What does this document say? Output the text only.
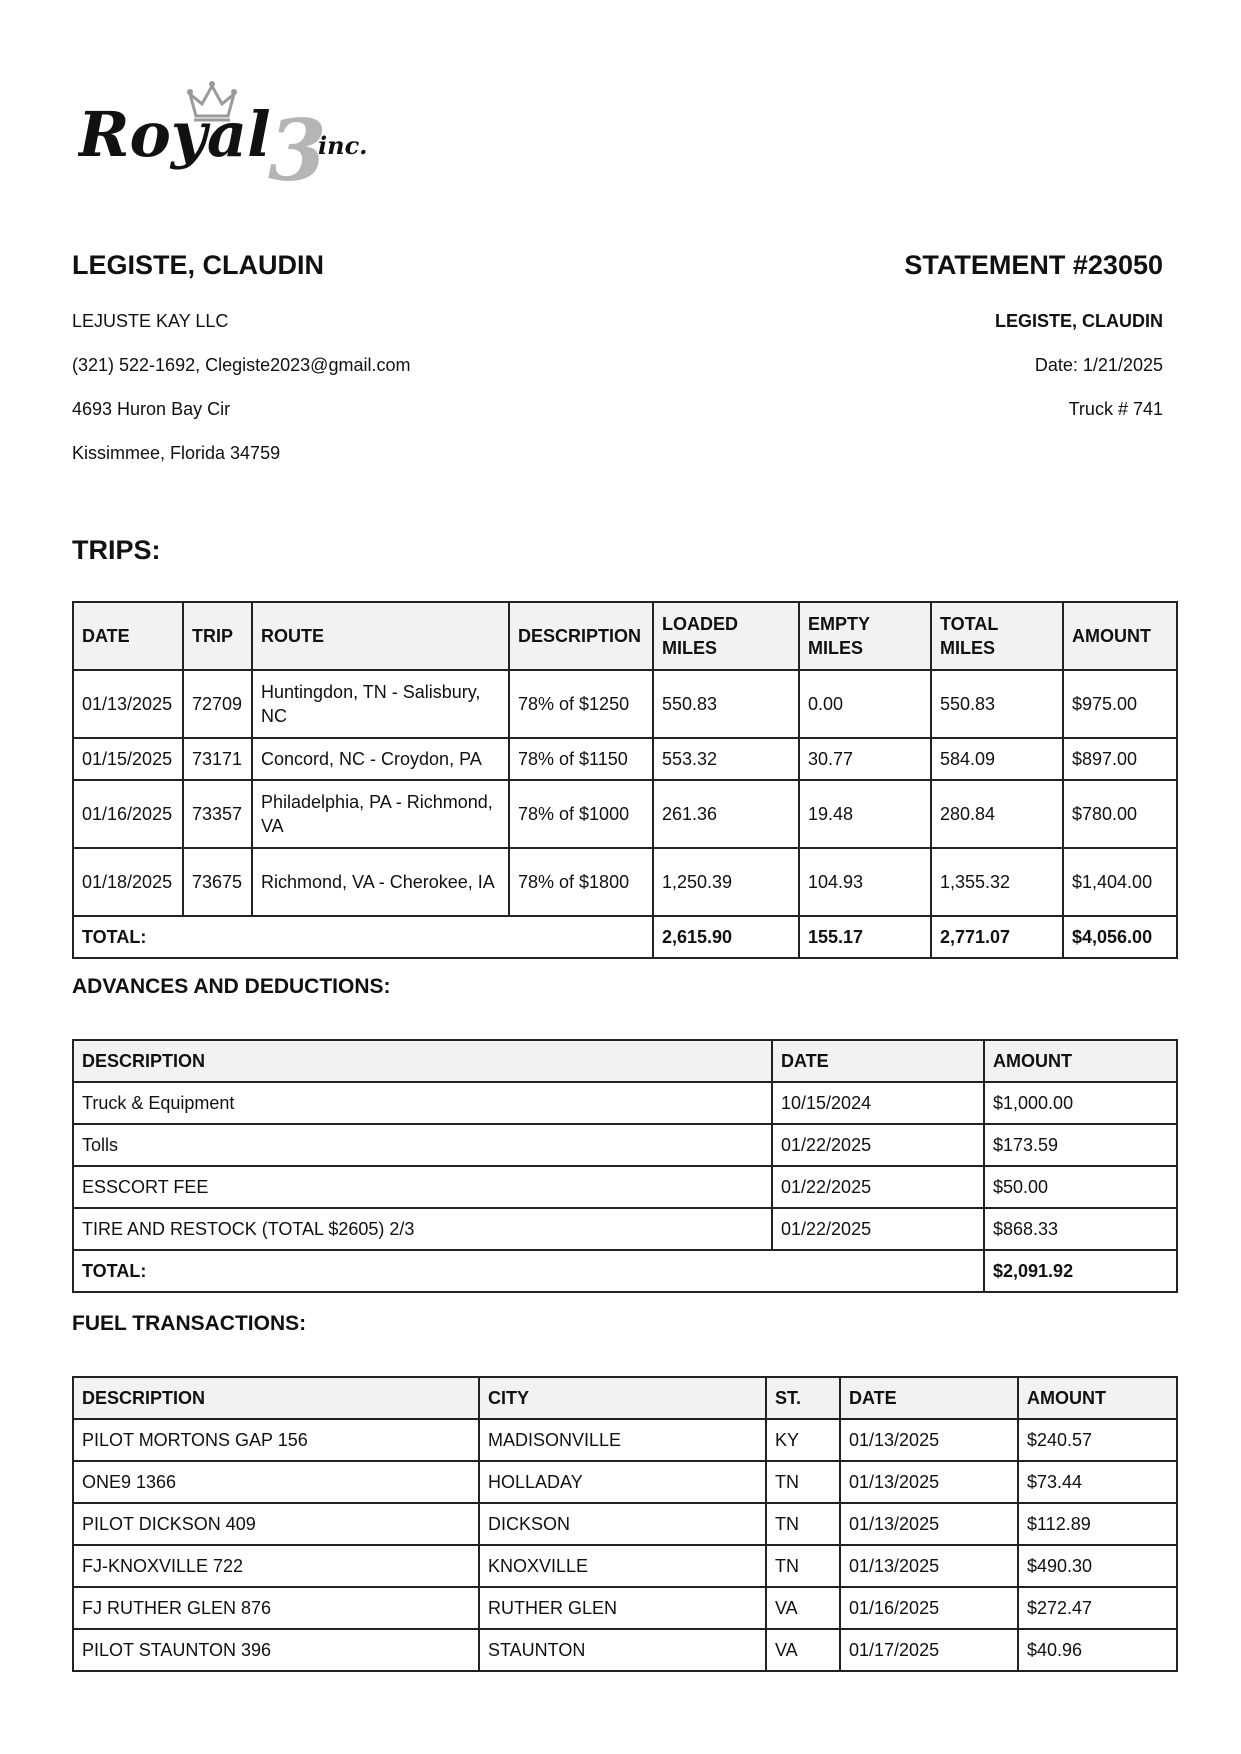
Royal
3
inc.
LEGISTE, CLAUDIN	STATEMENT #23050
LEJUSTE KAY LLC
(321) 522-1692, Clegiste2023@gmail.com
4693 Huron Bay Cir
Kissimmee, Florida 34759
LEGISTE, CLAUDIN
Date: 1/21/2025
Truck # 741
TRIPS:
DATE	TRIP	ROUTE	DESCRIPTION	LOADED MILES	EMPTY MILES	TOTAL MILES	AMOUNT
01/13/2025	72709	Huntingdon, TN - Salisbury, NC	78% of $1250	550.83	0.00	550.83	$975.00
01/15/2025	73171	Concord, NC - Croydon, PA	78% of $1150	553.32	30.77	584.09	$897.00
01/16/2025	73357	Philadelphia, PA - Richmond, VA	78% of $1000	261.36	19.48	280.84	$780.00
01/18/2025	73675	Richmond, VA - Cherokee, IA	78% of $1800	1,250.39	104.93	1,355.32	$1,404.00
TOTAL:				2,615.90	155.17	2,771.07	$4,056.00
ADVANCES AND DEDUCTIONS:
DESCRIPTION	DATE	AMOUNT
Truck & Equipment	10/15/2024	$1,000.00
Tolls	01/22/2025	$173.59
ESSCORT FEE	01/22/2025	$50.00
TIRE AND RESTOCK (TOTAL $2605) 2/3	01/22/2025	$868.33
TOTAL:		$2,091.92
FUEL TRANSACTIONS:
DESCRIPTION	CITY	ST.	DATE	AMOUNT
PILOT MORTONS GAP 156	MADISONVILLE	KY	01/13/2025	$240.57
ONE9 1366	HOLLADAY	TN	01/13/2025	$73.44
PILOT DICKSON 409	DICKSON	TN	01/13/2025	$112.89
FJ-KNOXVILLE 722	KNOXVILLE	TN	01/13/2025	$490.30
FJ RUTHER GLEN 876	RUTHER GLEN	VA	01/16/2025	$272.47
PILOT STAUNTON 396	STAUNTON	VA	01/17/2025	$40.96
